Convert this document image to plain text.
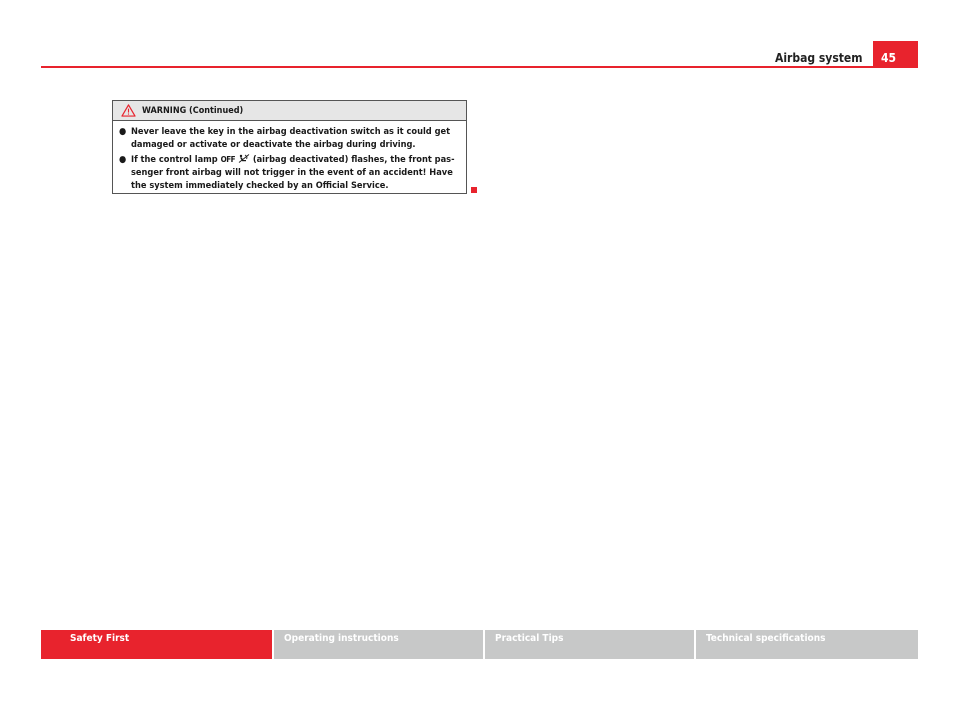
Airbag system	45
WARNING (Continued)
● Never leave the key in the airbag deactivation switch as it could get damaged or activate or deactivate the airbag during driving.
● If the control lamp OFF (airbag deactivated) flashes, the front pas-senger front airbag will not trigger in the event of an accident! Have the system immediately checked by an Official Service.
Safety First	Operating instructions	Practical Tips	Technical specifications
